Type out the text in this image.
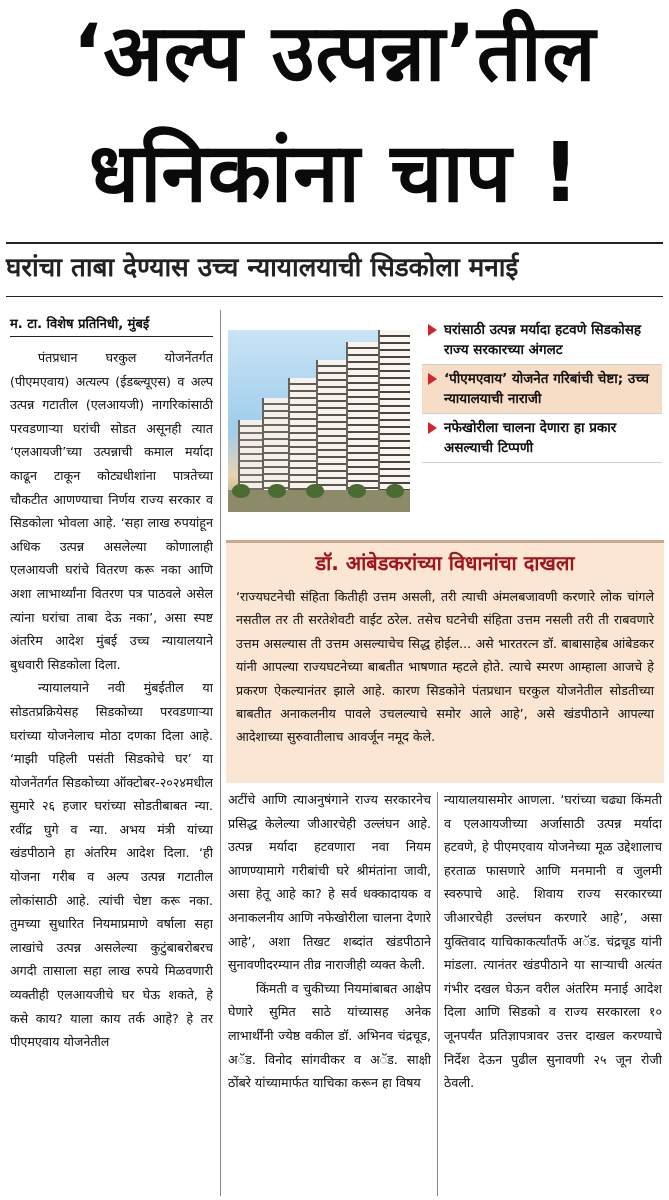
‘अल्प उत्पन्ना’तील
धनिकांना चाप !
घरांचा ताबा देण्यास उच्च न्यायालयाची सिडकोला मनाई
म. टा. विशेष प्रतिनिधी, मुंबई

पंतप्रधान घरकुल योजनेंतर्गत (पीएमएवाय) अत्यल्प (ईडब्ल्यूएस) व अल्प उत्पन्न गटातील (एलआयजी) नागरिकांसाठी परवडणाऱ्या घरांची सोडत असूनही त्यात ‘एलआयजी’च्या उत्पन्नाची कमाल मर्यादा काढून टाकून कोट्यधीशांना पात्रतेच्या चौकटीत आणण्याचा निर्णय राज्य सरकार व सिडकोला भोवला आहे. ‘सहा लाख रुपयांहून अधिक उत्पन्न असलेल्या कोणालाही एलआयजी घरांचे वितरण करू नका आणि अशा लाभार्थ्यांना वितरण पत्र पाठवले असेल त्यांना घरांचा ताबा देऊ नका’, असा स्पष्ट अंतरिम आदेश मुंबई उच्च न्यायालयाने बुधवारी सिडकोला दिला.

न्यायालयाने नवी मुंबईतील या सोडतप्रक्रियेसह सिडकोच्या परवडणाऱ्या घरांच्या योजनेलाच मोठा दणका दिला आहे. ‘माझी पहिली पसंती सिडकोचे घर’ या योजनेंतर्गत सिडकोच्या ऑक्टोबर-२०२४मधील सुमारे २६ हजार घरांच्या सोडतीबाबत न्या. रवींद्र घुगे व न्या. अभय मंत्री यांच्या खंडपीठाने हा अंतरिम आदेश दिला. ‘ही योजना गरीब व अल्प उत्पन्न गटातील लोकांसाठी आहे. त्यांची चेष्टा करू नका. तुमच्या सुधारित नियमाप्रमाणे वर्षाला सहा लाखांचे उत्पन्न असलेल्या कुटुंबाबरोबरच अगदी तासाला सहा लाख रुपये मिळवणारी व्यक्तीही एलआयजीचे घर घेऊ शकते, हे कसे काय? याला काय तर्क आहे? हे तर पीएमएवाय योजनेतील

घरांसाठी उत्पन्न मर्यादा हटवणे सिडकोसह राज्य सरकारच्या अंगलट
‘पीएमएवाय’ योजनेत गरिबांची चेष्टा; उच्च न्यायालयाची नाराजी
नफेखोरीला चालना देणारा हा प्रकार असल्याची टिप्पणी
डॉ. आंबेडकरांच्या विधानांचा दाखला

‘राज्यघटनेची संहिता कितीही उत्तम असली, तरी त्याची अंमलबजावणी करणारे लोक चांगले नसतील तर ती सरतेशेवटी वाईट ठरेल. तसेच घटनेची संहिता उत्तम नसली तरी ती राबवणारे उत्तम असल्यास ती उत्तम असल्याचेच सिद्ध होईल... असे भारतरत्न डॉ. बाबासाहेब आंबेडकर यांनी आपल्या राज्यघटनेच्या बाबतीत भाषणात म्हटले होते. त्याचे स्मरण आम्हाला आजचे हे प्रकरण ऐकल्यानंतर झाले आहे. कारण सिडकोने पंतप्रधान घरकुल योजनेतील सोडतीच्या बाबतीत अनाकलनीय पावले उचलल्याचे समोर आले आहे’, असे खंडपीठाने आपल्या आदेशाच्या सुरुवातीलाच आवर्जून नमूद केले.

अटींचे आणि त्याअनुषंगाने राज्य सरकारनेच प्रसिद्ध केलेल्या जीआरचेही उल्लंघन आहे. उत्पन्न मर्यादा हटवणारा नवा नियम आणण्यामागे गरीबांची घरे श्रीमंतांना जावी, असा हेतू आहे का? हे सर्व धक्कादायक व अनाकलनीय आणि नफेखोरीला चालना देणारे आहे’, अशा तिखट शब्दांत खंडपीठाने सुनावणीदरम्यान तीव्र नाराजीही व्यक्त केली.

किंमती व चुकीच्या नियमांबाबत आक्षेप घेणारे सुमित साठे यांच्यासह अनेक लाभार्थींनी ज्येष्ठ वकील डॉ. अभिनव चंद्रचूड, अॅड. विनोद सांगवीकर व अॅड. साक्षी ठोंबरे यांच्यामार्फत याचिका करून हा विषय

न्यायालयासमोर आणला. ‘घरांच्या चढ्या किंमती व एलआयजीच्या अर्जासाठी उत्पन्न मर्यादा हटवणे, हे पीएमएवाय योजनेच्या मूळ उद्देशालाच हरताळ फासणारे आणि मनमानी व जुलमी स्वरुपाचे आहे. शिवाय राज्य सरकारच्या जीआरचेही उल्लंघन करणारे आहे’, असा युक्तिवाद याचिकाकर्त्यांतर्फे अॅड. चंद्रचूड यांनी मांडला. त्यानंतर खंडपीठाने या साऱ्याची अत्यंत गंभीर दखल घेऊन वरील अंतरिम मनाई आदेश दिला आणि सिडको व राज्य सरकारला १० जूनपर्यंत प्रतिज्ञापत्रावर उत्तर दाखल करण्याचे निर्देश देऊन पुढील सुनावणी २५ जून रोजी ठेवली.
